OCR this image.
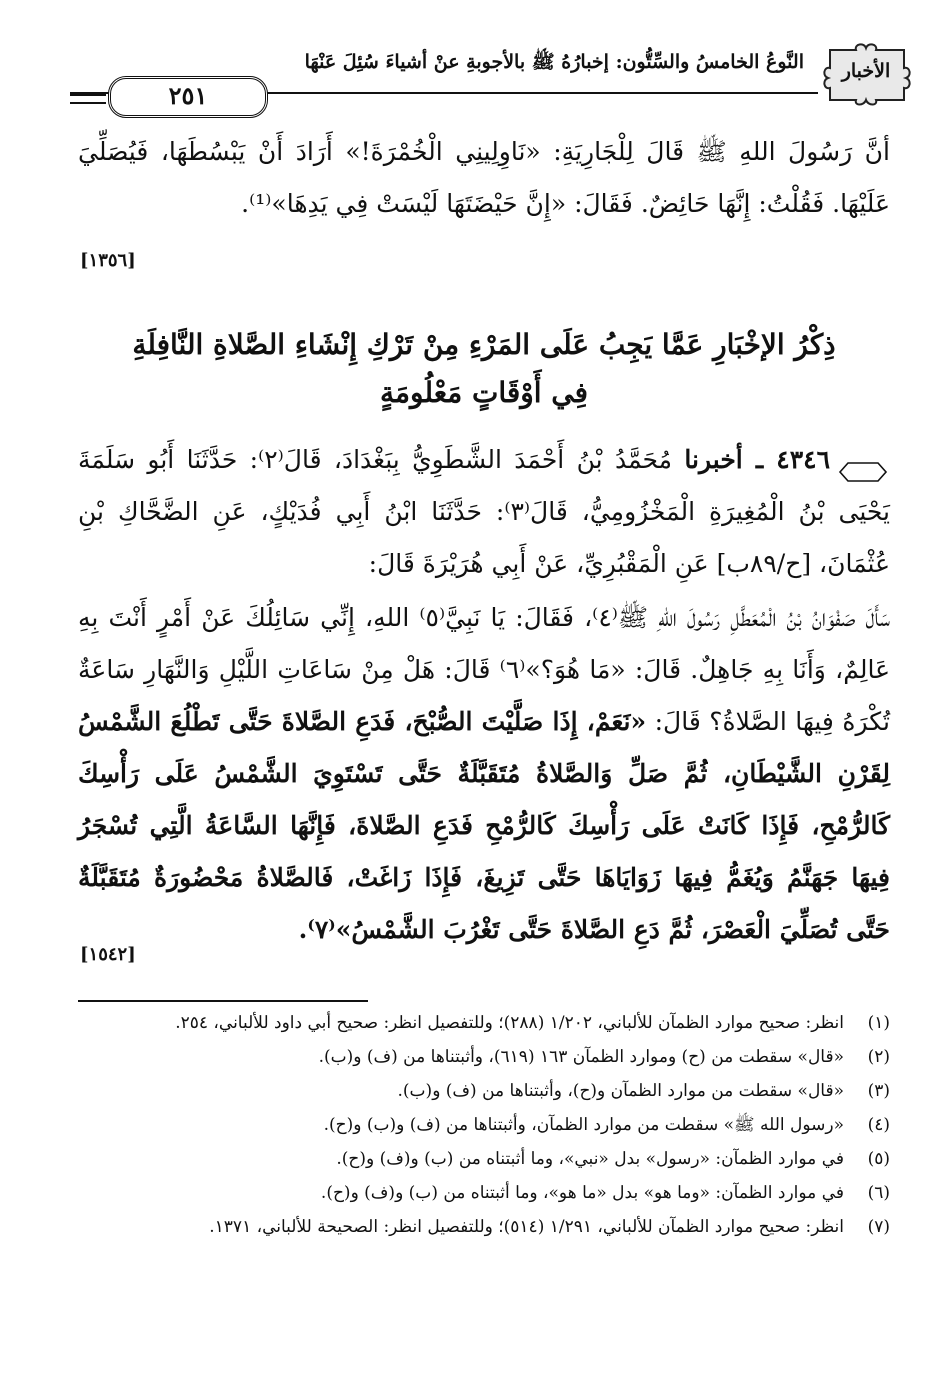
الأخبار
النَّوعُ الخامسُ والسِّتُّون: إخبارُهُ ﷺ بالأجوبةِ عنْ أشياءَ سُئِلَ عَنْهَا
٢٥١
أنَّ رَسُولَ اللهِ ﷺ قَالَ لِلْجَارِيَةِ: «نَاوِلِينِي الْخُمْرَةَ!» أَرَادَ أَنْ يَبْسُطَهَا، فَيُصَلِّيَ عَلَيْهَا. فَقُلْتُ: إِنَّهَا حَائِضٌ. فَقَالَ: «إِنَّ حَيْضَتَهَا لَيْسَتْ فِي يَدِهَا»⁽¹⁾.
[١٣٥٦]
ذِكْرُ الإخْبَارِ عَمَّا يَجِبُ عَلَى المَرْءِ مِنْ تَرْكِ إِنْشَاءِ الصَّلاةِ النَّافِلَةِ
فِي أَوْقَاتٍ مَعْلُومَةٍ
٤٣٤٦ ـ أخبرنا مُحَمَّدُ بْنُ أَحْمَدَ الشَّطَوِيُّ بِبَغْدَادَ، قَالَ⁽٢⁾: حَدَّثَنَا أَبُو سَلَمَةَ يَحْيَى بْنُ الْمُغِيرَةِ الْمَخْزُومِيُّ، قَالَ⁽٣⁾: حَدَّثَنَا ابْنُ أَبِي فُدَيْكٍ، عَنِ الضَّحَّاكِ بْنِ عُثْمَانَ، [ح/٨٩ب] عَنِ الْمَقْبُرِيِّ، عَنْ أَبِي هُرَيْرَةَ قَالَ:
سَأَلَ صَفْوَانُ بْنُ الْمُعَطَّلِ رَسُولَ اللهِ ﷺ⁽٤⁾، فَقَالَ: يَا نَبِيَّ⁽٥⁾ اللهِ، إِنِّي سَائِلُكَ عَنْ أَمْرٍ أَنْتَ بِهِ عَالِمٌ، وَأَنَا بِهِ جَاهِلٌ. قَالَ: «مَا هُوَ؟»⁽٦⁾ قَالَ: هَلْ مِنْ سَاعَاتِ اللَّيْلِ وَالنَّهَارِ سَاعَةٌ تُكْرَهُ فِيهَا الصَّلاةُ؟ قَالَ: «نَعَمْ، إِذَا صَلَّيْتَ الصُّبْحَ، فَدَعِ الصَّلاةَ حَتَّى تَطْلُعَ الشَّمْسُ لِقَرْنِ الشَّيْطَانِ، ثُمَّ صَلِّ وَالصَّلاةُ مُتَقَبَّلَةٌ حَتَّى تَسْتَوِيَ الشَّمْسُ عَلَى رَأْسِكَ كَالرُّمْحِ، فَإِذَا كَانَتْ عَلَى رَأْسِكَ كَالرُّمْحِ فَدَعِ الصَّلاةَ، فَإِنَّهَا السَّاعَةُ الَّتِي تُسْجَرُ فِيهَا جَهَنَّمُ وَيُغَمُّ فِيهَا زَوَايَاهَا حَتَّى تَزِيغَ، فَإِذَا زَاغَتْ، فَالصَّلاةُ مَحْضُورَةٌ مُتَقَبَّلَةٌ حَتَّى تُصَلِّيَ الْعَصْرَ، ثُمَّ دَعِ الصَّلاةَ حَتَّى تَغْرُبَ الشَّمْسُ»⁽٧⁾.
[١٥٤٢]
(١)
انظر: صحيح موارد الظمآن للألباني، ١/٢٠٢ (٢٨٨)؛ وللتفصيل انظر: صحيح أبي داود للألباني، ٢٥٤.
(٢)
«قال» سقطت من (ح) وموارد الظمآن ١٦٣ (٦١٩)، وأثبتناها من (ف) و(ب).
(٣)
«قال» سقطت من موارد الظمآن و(ح)، وأثبتناها من (ف) و(ب).
(٤)
«رسول الله ﷺ» سقطت من موارد الظمآن، وأثبتناها من (ف) و(ب) و(ح).
(٥)
في موارد الظمآن: «رسول» بدل «نبي»، وما أثبتناه من (ب) و(ف) و(ح).
(٦)
في موارد الظمآن: «وما هو» بدل «ما هو»، وما أثبتناه من (ب) و(ف) و(ح).
(٧)
انظر: صحيح موارد الظمآن للألباني، ١/٢٩١ (٥١٤)؛ وللتفصيل انظر: الصحيحة للألباني، ١٣٧١.
